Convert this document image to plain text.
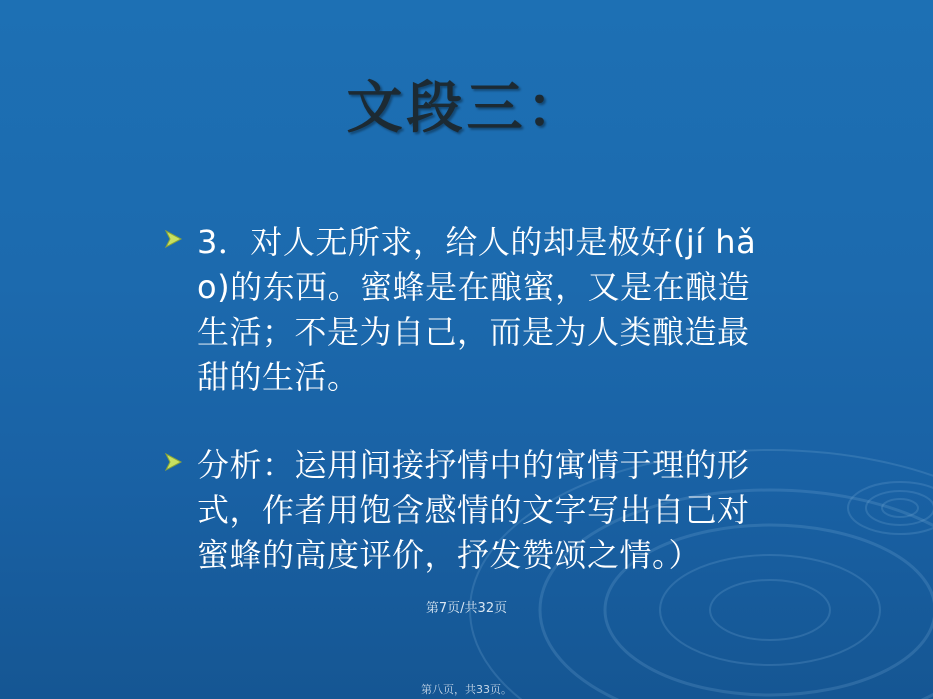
文段三：
3．对人无所求，给人的却是极好(jí hǎo)的东西。蜜蜂是在酿蜜，又是在酿造生活；不是为自己，而是为人类酿造最甜的生活。
分析：运用间接抒情中的寓情于理的形式，作者用饱含感情的文字写出自己对蜜蜂的高度评价，抒发赞颂之情。）
第7页/共32页
第八页，共33页。
